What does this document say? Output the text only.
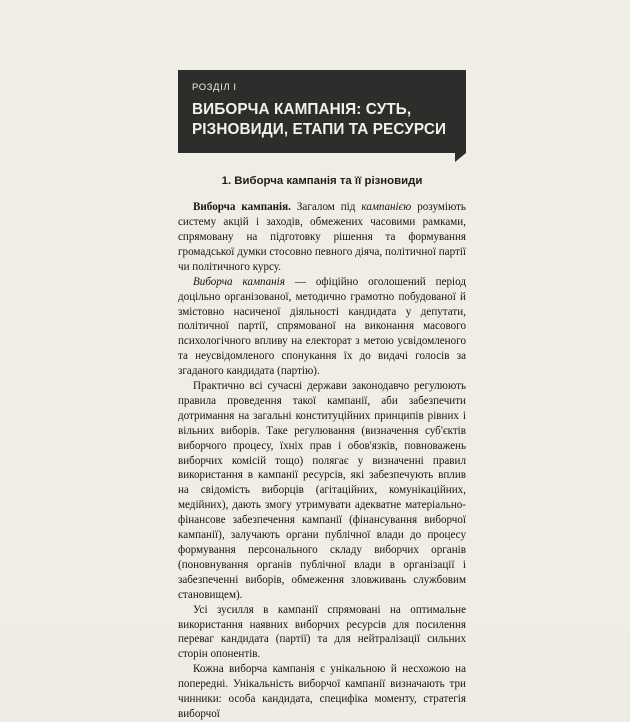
РОЗДІЛ I
ВИБОРЧА КАМПАНІЯ: СУТЬ,
РІЗНОВИДИ, ЕТАПИ ТА РЕСУРСИ
1. Виборча кампанія та її різновиди

Виборча кампанія. Загалом під кампанією розуміють систему акцій і заходів, обмежених часовими рамками, спрямовану на підготовку рішення та формування громадської думки стосовно певного діяча, політичної партії чи політичного курсу.

Виборча кампанія — офіційно оголошений період доцільно організованої, методично грамотно побудованої й змістовно насиченої діяльності кандидата у депутати, політичної партії, спрямованої на виконання масового психологічного впливу на електорат з метою усвідомленого та неусвідомленого спонукання їх до видачі голосів за згаданого кандидата (партію).

Практично всі сучасні держави законодавчо регулюють правила проведення такої кампанії, аби забезпечити дотримання на загальні конституційних принципів рівних і вільних виборів. Таке регулювання (визначення суб'єктів виборчого процесу, їхніх прав і обов'язків, повноважень виборчих комісій тощо) полягає у визначенні правил використання в кампанії ресурсів, які забезпечують вплив на свідомість виборців (агітаційних, комунікаційних, медійних), дають змогу утримувати адекватне матеріально-фінансове забезпечення кампанії (фінансування виборчої кампанії), залучають органи публічної влади до процесу формування персонального складу виборчих органів (поновнування органів публічної влади в організації і забезпеченні виборів, обмеження зловживань службовим становищем).

Усі зусилля в кампанії спрямовані на оптимальне використання наявних виборчих ресурсів для посилення переваг кандидата (партії) та для нейтралізації сильних сторін опонентів.

Кожна виборча кампанія є унікальною й несхожою на попередні. Унікальність виборчої кампанії визначають три чинники: особа кандидата, специфіка моменту, стратегія виборчої
